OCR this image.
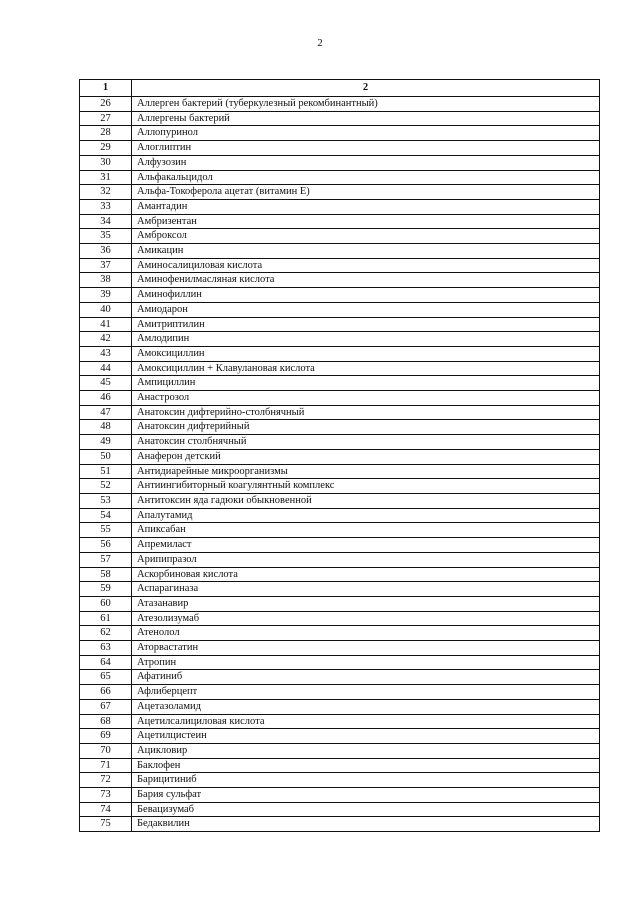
2
1	2
26	Аллерген бактерий (туберкулезный рекомбинантный)
27	Аллергены бактерий
28	Аллопуринол
29	Алоглиптин
30	Алфузозин
31	Альфакальцидол
32	Альфа-Токоферола ацетат (витамин Е)
33	Амантадин
34	Амбризентан
35	Амброксол
36	Амикацин
37	Аминосалициловая кислота
38	Аминофенилмасляная кислота
39	Аминофиллин
40	Амиодарон
41	Амитриптилин
42	Амлодипин
43	Амоксициллин
44	Амоксициллин + Клавулановая кислота
45	Ампициллин
46	Анастрозол
47	Анатоксин дифтерийно-столбнячный
48	Анатоксин дифтерийный
49	Анатоксин столбнячный
50	Анаферон детский
51	Антидиарейные микроорганизмы
52	Антиингибиторный коагулянтный комплекс
53	Антитоксин яда гадюки обыкновенной
54	Апалутамид
55	Апиксабан
56	Апремиласт
57	Арипипразол
58	Аскорбиновая кислота
59	Аспарагиназа
60	Атазанавир
61	Атезолизумаб
62	Атенолол
63	Аторвастатин
64	Атропин
65	Афатиниб
66	Афлиберцепт
67	Ацетазоламид
68	Ацетилсалициловая кислота
69	Ацетилцистеин
70	Ацикловир
71	Баклофен
72	Барицитиниб
73	Бария сульфат
74	Бевацизумаб
75	Бедаквилин
